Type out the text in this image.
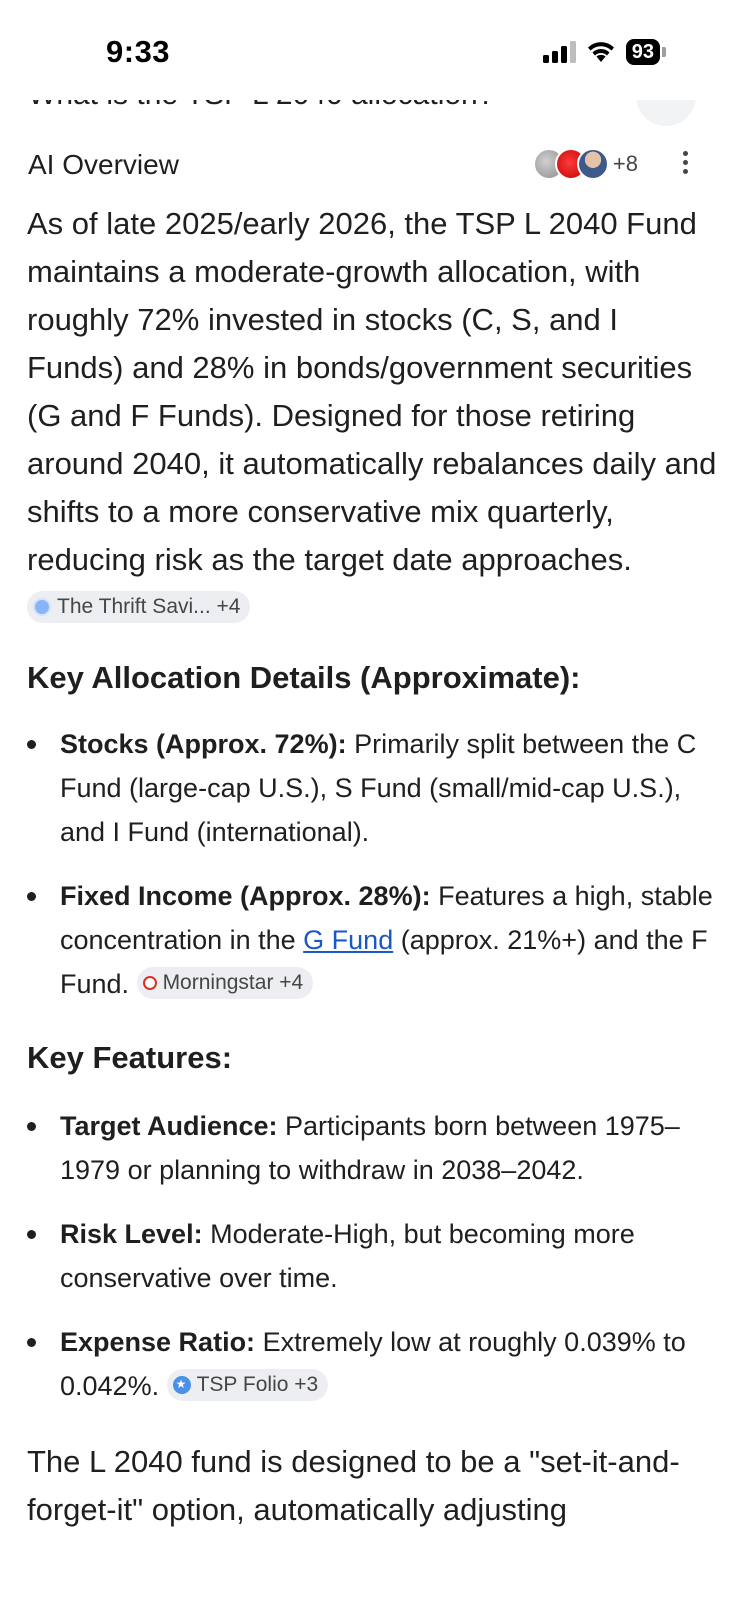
9:33	93
AI Overview	+8

As of late 2025/early 2026, the TSP L 2040 Fund maintains a moderate-growth allocation, with roughly 72% invested in stocks (C, S, and I Funds) and 28% in bonds/government securities (G and F Funds). Designed for those retiring around 2040, it automatically rebalances daily and shifts to a more conservative mix quarterly, reducing risk as the target date approaches.
The Thrift Savi... +4

Key Allocation Details (Approximate):
Stocks (Approx. 72%): Primarily split between the C Fund (large-cap U.S.), S Fund (small/mid-cap U.S.), and I Fund (international).
Fixed Income (Approx. 28%): Features a high, stable concentration in the G Fund (approx. 21%+) and the F Fund. Morningstar +4
Key Features:
Target Audience: Participants born between 1975–1979 or planning to withdraw in 2038–2042.
Risk Level: Moderate-High, but becoming more conservative over time.
Expense Ratio: Extremely low at roughly 0.039% to 0.042%.
★ TSP Folio +3

The L 2040 fund is designed to be a "set-it-and-forget-it" option, automatically adjusting
